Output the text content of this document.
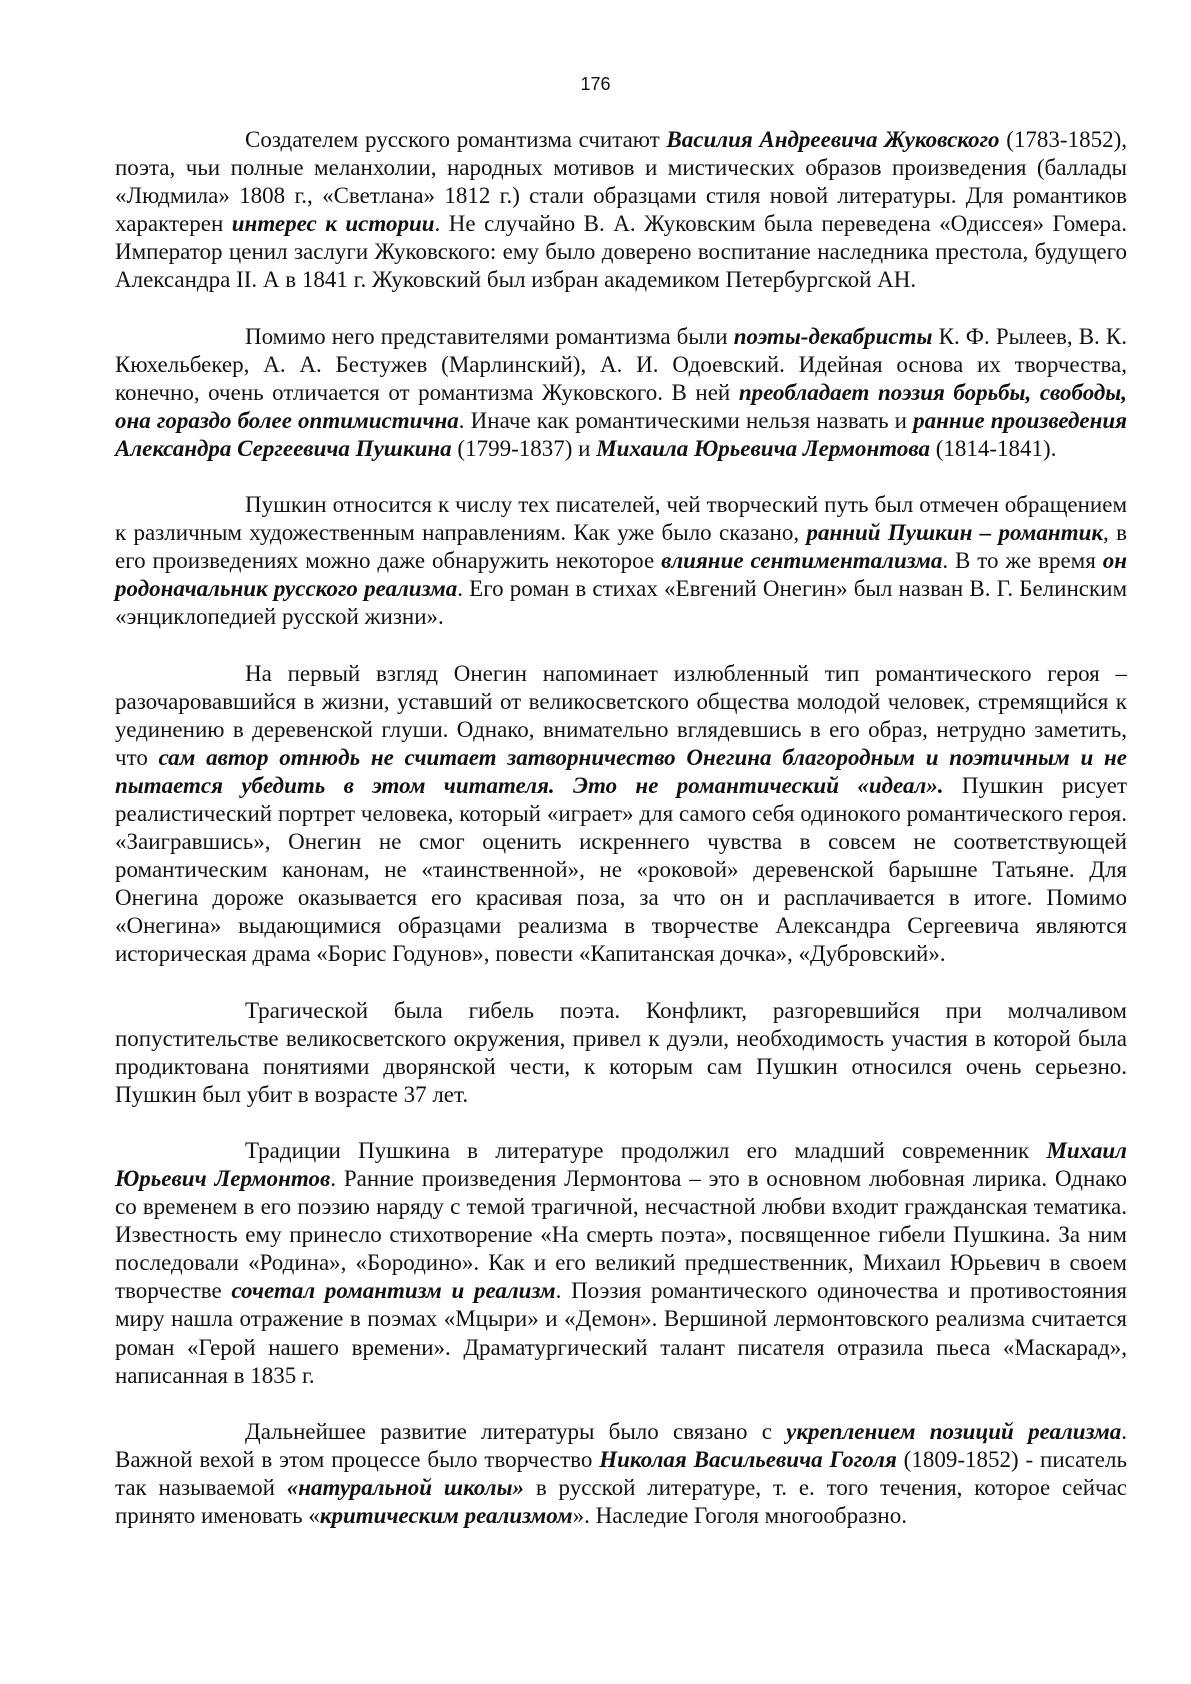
176

Создателем русского романтизма считают Василия Андреевича Жуковского (1783-1852), поэта, чьи полные меланхолии, народных мотивов и мистических образов произведения (баллады «Людмила» 1808 г., «Светлана» 1812 г.) стали образцами стиля новой литературы. Для романтиков характерен интерес к истории. Не случайно В. А. Жуковским была переведена «Одиссея» Гомера. Император ценил заслуги Жуковского: ему было доверено воспитание наследника престола, будущего Александра II. А в 1841 г. Жуковский был избран академиком Петербургской АН.

Помимо него представителями романтизма были поэты-декабристы К. Ф. Рылеев, В. К. Кюхельбекер, А. А. Бестужев (Марлинский), А. И. Одоевский. Идейная основа их творчества, конечно, очень отличается от романтизма Жуковского. В ней преобладает поэзия борьбы, свободы, она гораздо более оптимистична. Иначе как романтическими нельзя назвать и ранние произведения Александра Сергеевича Пушкина (1799-1837) и Михаила Юрьевича Лермонтова (1814-1841).

Пушкин относится к числу тех писателей, чей творческий путь был отмечен обращением к различным художественным направлениям. Как уже было сказано, ранний Пушкин – романтик, в его произведениях можно даже обнаружить некоторое влияние сентиментализма. В то же время он родоначальник русского реализма. Его роман в стихах «Евгений Онегин» был назван В. Г. Белинским «энциклопедией русской жизни».

На первый взгляд Онегин напоминает излюбленный тип романтического героя – разочаровавшийся в жизни, уставший от великосветского общества молодой человек, стремящийся к уединению в деревенской глуши. Однако, внимательно вглядевшись в его образ, нетрудно заметить, что сам автор отнюдь не считает затворничество Онегина благородным и поэтичным и не пытается убедить в этом читателя. Это не романтический «идеал». Пушкин рисует реалистический портрет человека, который «играет» для самого себя одинокого романтического героя. «Заигравшись», Онегин не смог оценить искреннего чувства в совсем не соответствующей романтическим канонам, не «таинственной», не «роковой» деревенской барышне Татьяне. Для Онегина дороже оказывается его красивая поза, за что он и расплачивается в итоге. Помимо «Онегина» выдающимися образцами реализма в творчестве Александра Сергеевича являются историческая драма «Борис Годунов», повести «Капитанская дочка», «Дубровский».

Трагической была гибель поэта. Конфликт, разгоревшийся при молчаливом попустительстве великосветского окружения, привел к дуэли, необходимость участия в которой была продиктована понятиями дворянской чести, к которым сам Пушкин относился очень серьезно. Пушкин был убит в возрасте 37 лет.

Традиции Пушкина в литературе продолжил его младший современник Михаил Юрьевич Лермонтов. Ранние произведения Лермонтова – это в основном любовная лирика. Однако со временем в его поэзию наряду с темой трагичной, несчастной любви входит гражданская тематика. Известность ему принесло стихотворение «На смерть поэта», посвященное гибели Пушкина. За ним последовали «Родина», «Бородино». Как и его великий предшественник, Михаил Юрьевич в своем творчестве сочетал романтизм и реализм. Поэзия романтического одиночества и противостояния миру нашла отражение в поэмах «Мцыри» и «Демон». Вершиной лермонтовского реализма считается роман «Герой нашего времени». Драматургический талант писателя отразила пьеса «Маскарад», написанная в 1835 г.

Дальнейшее развитие литературы было связано с укреплением позиций реализма. Важной вехой в этом процессе было творчество Николая Васильевича Гоголя (1809-1852) - писатель так называемой «натуральной школы» в русской литературе, т. е. того течения, которое сейчас принято именовать «критическим реализмом». Наследие Гоголя многообразно.
